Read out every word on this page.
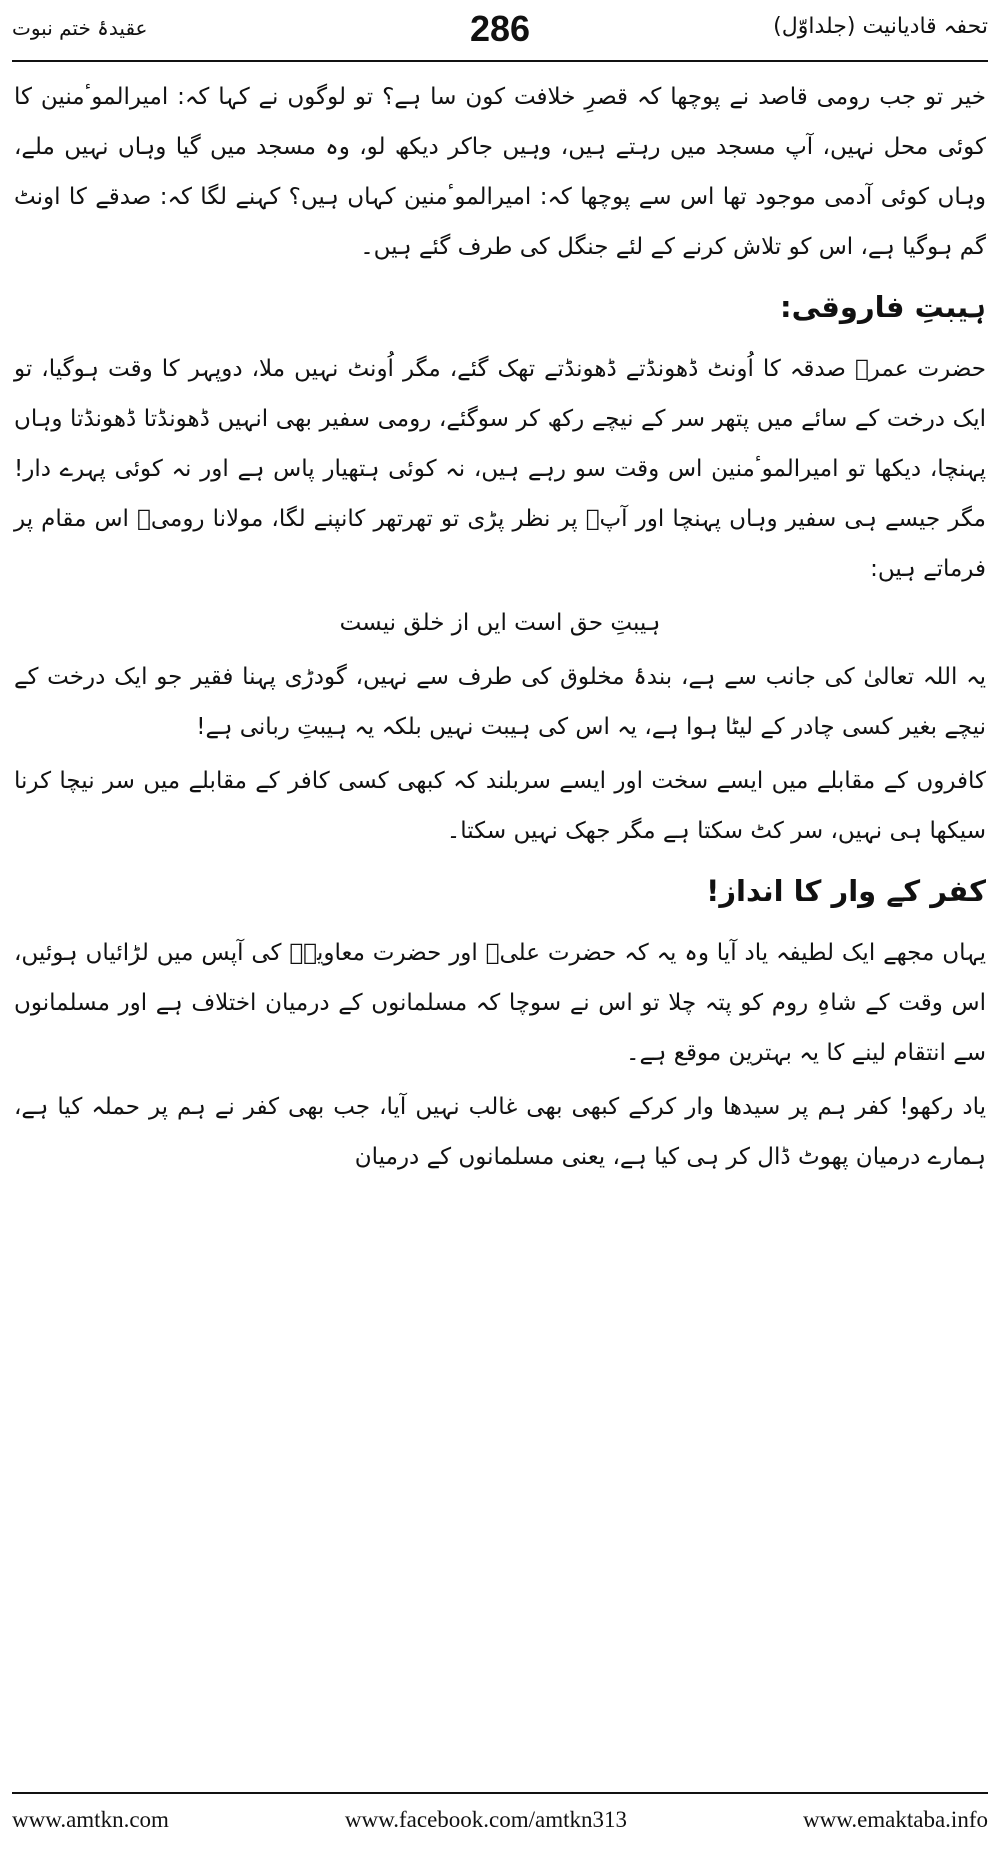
تحفہ قادیانیت (جلداوّل)
286
عقیدۂ ختم نبوت

خیر تو جب رومی قاصد نے پوچھا کہ قصرِ خلافت کون سا ہے؟ تو لوگوں نے کہا کہ: امیرالموٴمنین کا کوئی محل نہیں، آپ مسجد میں رہتے ہیں، وہیں جاکر دیکھ لو، وہ مسجد میں گیا وہاں نہیں ملے، وہاں کوئی آدمی موجود تھا اس سے پوچھا کہ: امیرالموٴمنین کہاں ہیں؟ کہنے لگا کہ: صدقے کا اونٹ گم ہوگیا ہے، اس کو تلاش کرنے کے لئے جنگل کی طرف گئے ہیں۔

ہیبتِ فاروقی:

حضرت عمرؓ صدقہ کا اُونٹ ڈھونڈتے ڈھونڈتے تھک گئے، مگر اُونٹ نہیں ملا، دوپہر کا وقت ہوگیا، تو ایک درخت کے سائے میں پتھر سر کے نیچے رکھ کر سوگئے، رومی سفیر بھی انہیں ڈھونڈتا ڈھونڈتا وہاں پہنچا، دیکھا تو امیرالموٴمنین اس وقت سو رہے ہیں، نہ کوئی ہتھیار پاس ہے اور نہ کوئی پہرے دار! مگر جیسے ہی سفیر وہاں پہنچا اور آپؓ پر نظر پڑی تو تھرتھر کانپنے لگا، مولانا رومیؒ اس مقام پر فرماتے ہیں:

ہیبتِ حق است ایں از خلق نیست

یہ اللہ تعالیٰ کی جانب سے ہے، بندۂ مخلوق کی طرف سے نہیں، گودڑی پہنا فقیر جو ایک درخت کے نیچے بغیر کسی چادر کے لیٹا ہوا ہے، یہ اس کی ہیبت نہیں بلکہ یہ ہیبتِ ربانی ہے!

کافروں کے مقابلے میں ایسے سخت اور ایسے سربلند کہ کبھی کسی کافر کے مقابلے میں سر نیچا کرنا سیکھا ہی نہیں، سر کٹ سکتا ہے مگر جھک نہیں سکتا۔

کفر کے وار کا انداز!

یہاں مجھے ایک لطیفہ یاد آیا وہ یہ کہ حضرت علیؓ اور حضرت معاویہؓ کی آپس میں لڑائیاں ہوئیں، اس وقت کے شاہِ روم کو پتہ چلا تو اس نے سوچا کہ مسلمانوں کے درمیان اختلاف ہے اور مسلمانوں سے انتقام لینے کا یہ بہترین موقع ہے۔

یاد رکھو! کفر ہم پر سیدھا وار کرکے کبھی بھی غالب نہیں آیا، جب بھی کفر نے ہم پر حملہ کیا ہے، ہمارے درمیان پھوٹ ڈال کر ہی کیا ہے، یعنی مسلمانوں کے درمیان

www.amtkn.com	www.facebook.com/amtkn313	www.emaktaba.info
